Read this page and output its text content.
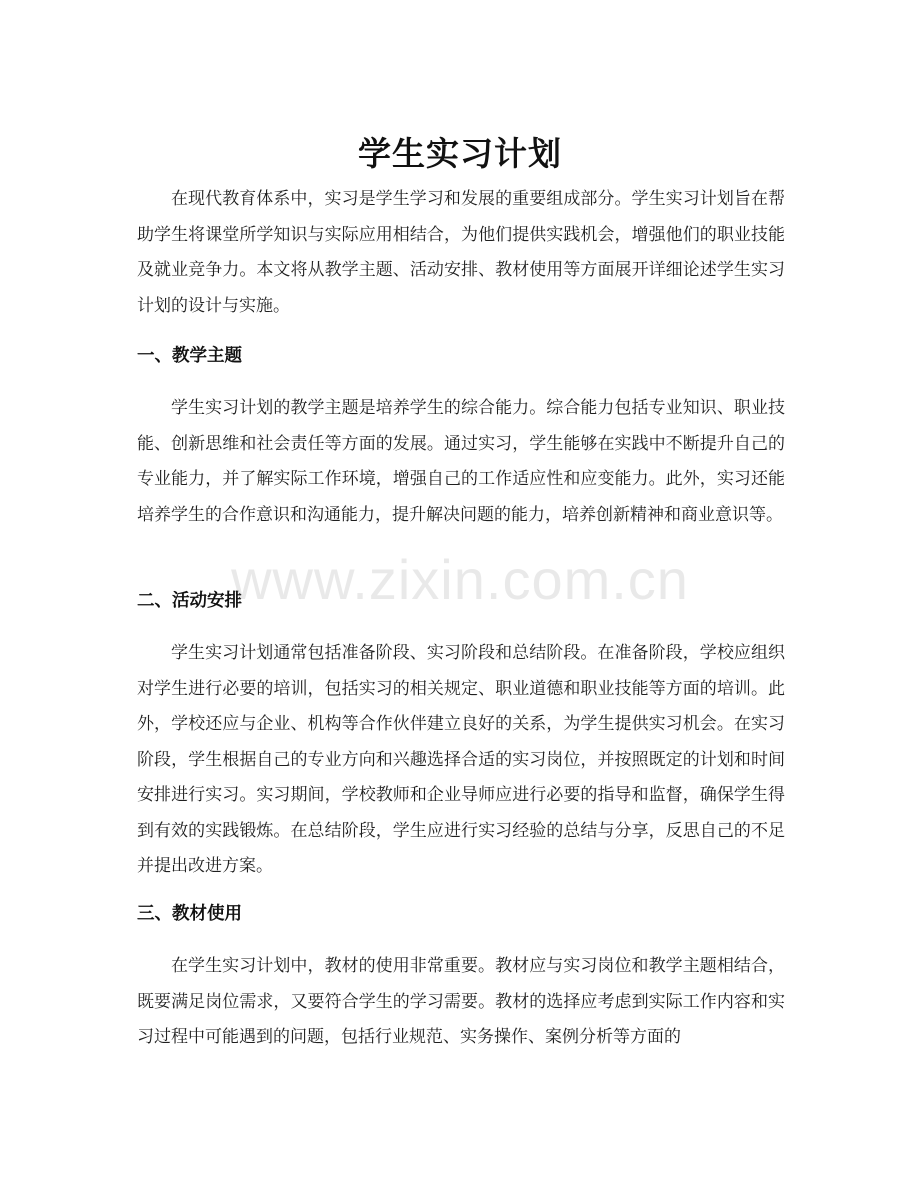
学生实习计划

在现代教育体系中，实习是学生学习和发展的重要组成部分。学生实习计划旨在帮助学生将课堂所学知识与实际应用相结合，为他们提供实践机会，增强他们的职业技能及就业竞争力。本文将从教学主题、活动安排、教材使用等方面展开详细论述学生实习计划的设计与实施。

一、教学主题

学生实习计划的教学主题是培养学生的综合能力。综合能力包括专业知识、职业技能、创新思维和社会责任等方面的发展。通过实习，学生能够在实践中不断提升自己的专业能力，并了解实际工作环境，增强自己的工作适应性和应变能力。此外，实习还能培养学生的合作意识和沟通能力，提升解决问题的能力，培养创新精神和商业意识等。

二、活动安排

学生实习计划通常包括准备阶段、实习阶段和总结阶段。在准备阶段，学校应组织对学生进行必要的培训，包括实习的相关规定、职业道德和职业技能等方面的培训。此外，学校还应与企业、机构等合作伙伴建立良好的关系，为学生提供实习机会。在实习阶段，学生根据自己的专业方向和兴趣选择合适的实习岗位，并按照既定的计划和时间安排进行实习。实习期间，学校教师和企业导师应进行必要的指导和监督，确保学生得到有效的实践锻炼。在总结阶段，学生应进行实习经验的总结与分享，反思自己的不足并提出改进方案。

三、教材使用

在学生实习计划中，教材的使用非常重要。教材应与实习岗位和教学主题相结合，既要满足岗位需求，又要符合学生的学习需要。教材的选择应考虑到实际工作内容和实习过程中可能遇到的问题，包括行业规范、实务操作、案例分析等方面的

www.zixin.com.cn
